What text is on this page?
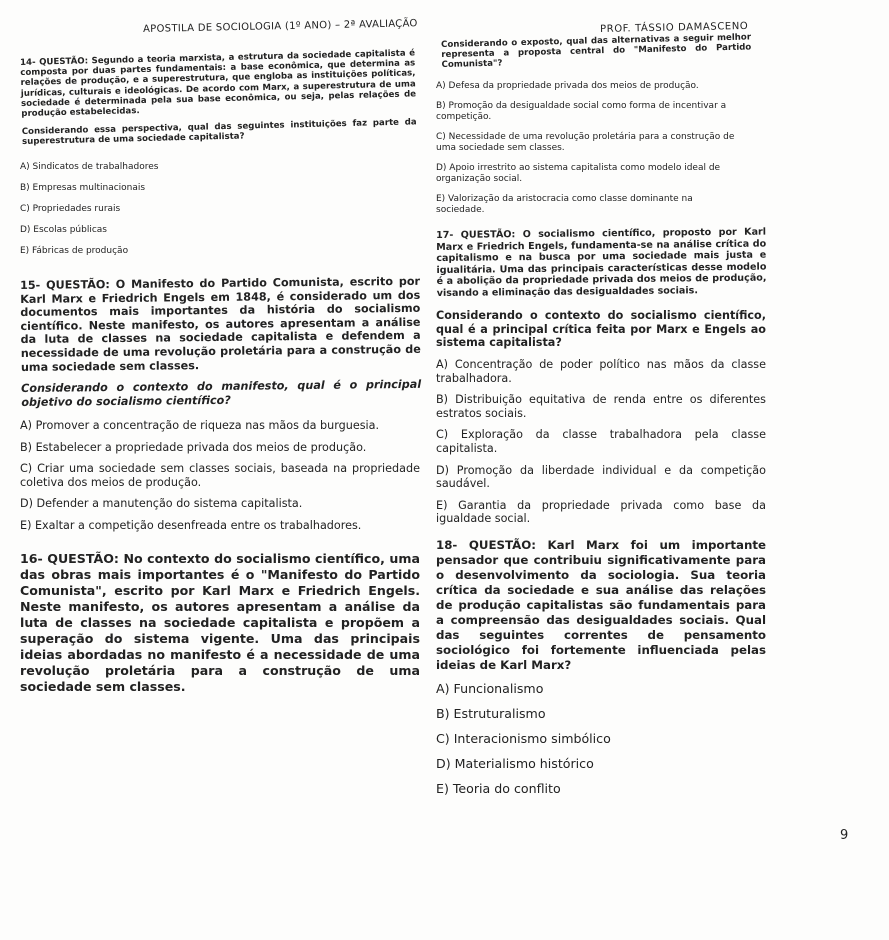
APOSTILA DE SOCIOLOGIA (1º ANO) – 2ª AVALIAÇÃO	PROF. TÁSSIO DAMASCENO

14- QUESTÃO: Segundo a teoria marxista, a estrutura da sociedade capitalista é composta por duas partes fundamentais: a base econômica, que determina as relações de produção, e a superestrutura, que engloba as instituições políticas, jurídicas, culturais e ideológicas. De acordo com Marx, a superestrutura de uma sociedade é determinada pela sua base econômica, ou seja, pelas relações de produção estabelecidas.

Considerando essa perspectiva, qual das seguintes instituições faz parte da superestrutura de uma sociedade capitalista?

A) Sindicatos de trabalhadores

B) Empresas multinacionais

C) Propriedades rurais

D) Escolas públicas

E) Fábricas de produção

15- QUESTÃO: O Manifesto do Partido Comunista, escrito por Karl Marx e Friedrich Engels em 1848, é considerado um dos documentos mais importantes da história do socialismo científico. Neste manifesto, os autores apresentam a análise da luta de classes na sociedade capitalista e defendem a necessidade de uma revolução proletária para a construção de uma sociedade sem classes.

Considerando o contexto do manifesto, qual é o principal objetivo do socialismo científico?

A) Promover a concentração de riqueza nas mãos da burguesia.

B) Estabelecer a propriedade privada dos meios de produção.

C) Criar uma sociedade sem classes sociais, baseada na propriedade coletiva dos meios de produção.

D) Defender a manutenção do sistema capitalista.

E) Exaltar a competição desenfreada entre os trabalhadores.

16- QUESTÃO: No contexto do socialismo científico, uma das obras mais importantes é o "Manifesto do Partido Comunista", escrito por Karl Marx e Friedrich Engels. Neste manifesto, os autores apresentam a análise da luta de classes na sociedade capitalista e propõem a superação do sistema vigente. Uma das principais ideias abordadas no manifesto é a necessidade de uma revolução proletária para a construção de uma sociedade sem classes.

Considerando o exposto, qual das alternativas a seguir melhor representa a proposta central do "Manifesto do Partido Comunista"?

A) Defesa da propriedade privada dos meios de produção.

B) Promoção da desigualdade social como forma de incentivar a competição.

C) Necessidade de uma revolução proletária para a construção de uma sociedade sem classes.

D) Apoio irrestrito ao sistema capitalista como modelo ideal de organização social.

E) Valorização da aristocracia como classe dominante na sociedade.

17- QUESTÃO: O socialismo científico, proposto por Karl Marx e Friedrich Engels, fundamenta-se na análise crítica do capitalismo e na busca por uma sociedade mais justa e igualitária. Uma das principais características desse modelo é a abolição da propriedade privada dos meios de produção, visando a eliminação das desigualdades sociais.

Considerando o contexto do socialismo científico, qual é a principal crítica feita por Marx e Engels ao sistema capitalista?

A) Concentração de poder político nas mãos da classe trabalhadora.

B) Distribuição equitativa de renda entre os diferentes estratos sociais.

C) Exploração da classe trabalhadora pela classe capitalista.

D) Promoção da liberdade individual e da competição saudável.

E) Garantia da propriedade privada como base da igualdade social.

18- QUESTÃO: Karl Marx foi um importante pensador que contribuiu significativamente para o desenvolvimento da sociologia. Sua teoria crítica da sociedade e sua análise das relações de produção capitalistas são fundamentais para a compreensão das desigualdades sociais. Qual das seguintes correntes de pensamento sociológico foi fortemente influenciada pelas ideias de Karl Marx?

A) Funcionalismo

B) Estruturalismo

C) Interacionismo simbólico

D) Materialismo histórico

E) Teoria do conflito

9
